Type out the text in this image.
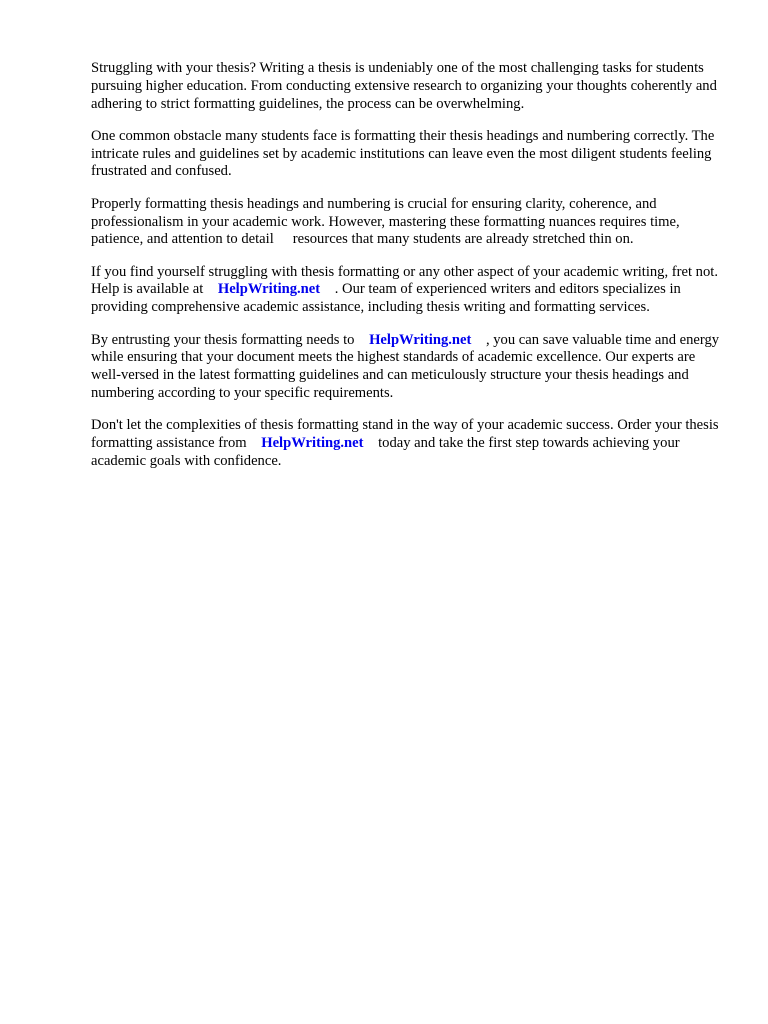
Struggling with your thesis? Writing a thesis is undeniably one of the most challenging tasks for students pursuing higher education. From conducting extensive research to organizing your thoughts coherently and adhering to strict formatting guidelines, the process can be overwhelming.

One common obstacle many students face is formatting their thesis headings and numbering correctly. The intricate rules and guidelines set by academic institutions can leave even the most diligent students feeling frustrated and confused.

Properly formatting thesis headings and numbering is crucial for ensuring clarity, coherence, and professionalism in your academic work. However, mastering these formatting nuances requires time, patience, and attention to detail resources that many students are already stretched thin on.

If you find yourself struggling with thesis formatting or any other aspect of your academic writing, fret not. Help is available at HelpWriting.net . Our team of experienced writers and editors specializes in providing comprehensive academic assistance, including thesis writing and formatting services.

By entrusting your thesis formatting needs to HelpWriting.net , you can save valuable time and energy while ensuring that your document meets the highest standards of academic excellence. Our experts are well-versed in the latest formatting guidelines and can meticulously structure your thesis headings and numbering according to your specific requirements.

Don't let the complexities of thesis formatting stand in the way of your academic success. Order your thesis formatting assistance from HelpWriting.net today and take the first step towards achieving your academic goals with confidence.
